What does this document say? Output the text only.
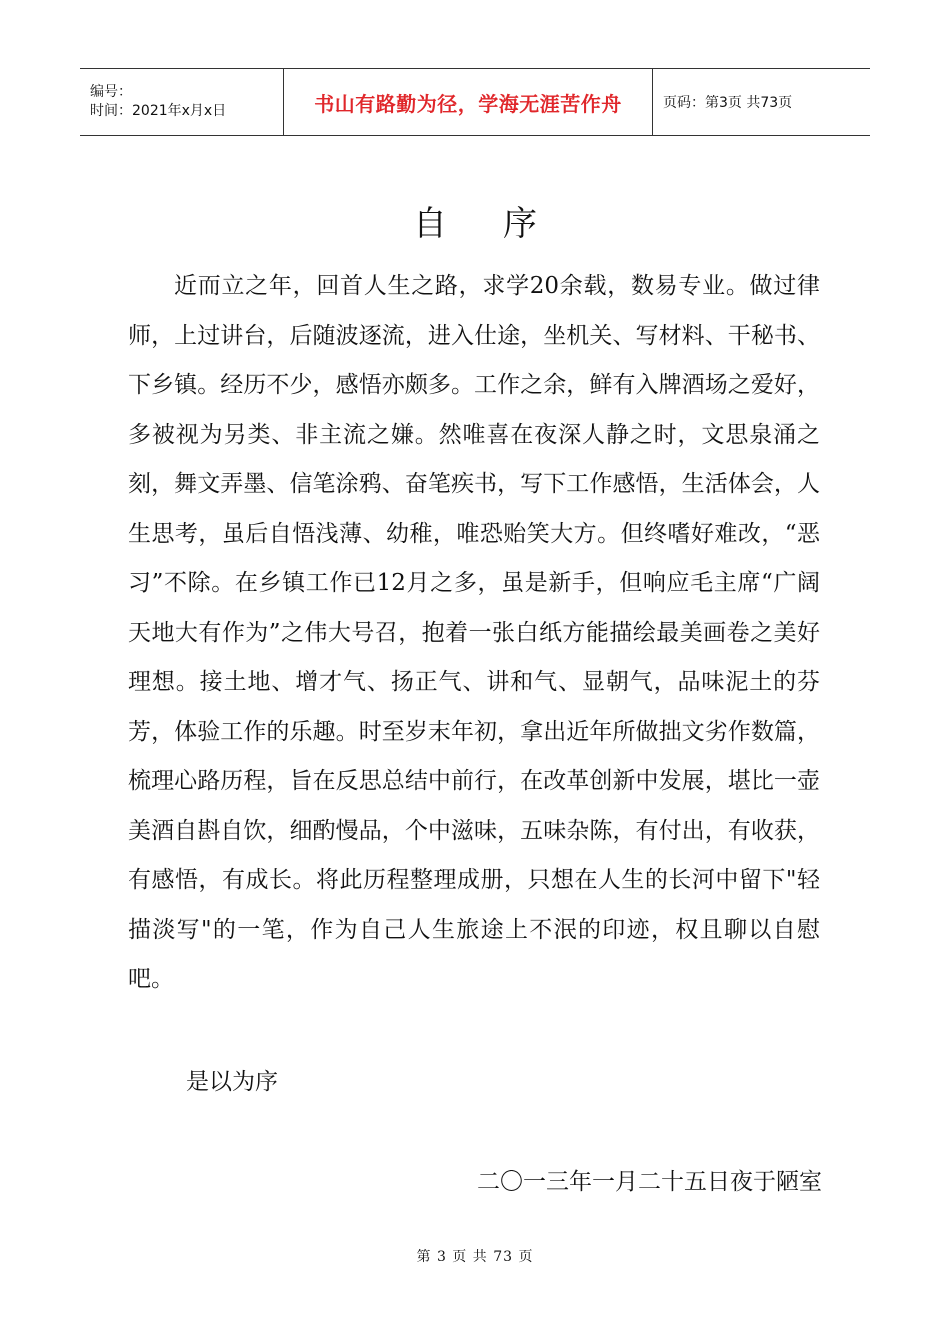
编号：
时间：2021年x月x日	书山有路勤为径，学海无涯苦作舟	页码：第3页 共73页
自序

近而立之年，回首人生之路，求学20余载，数易专业。做过律师，上过讲台，后随波逐流，进入仕途，坐机关、写材料、干秘书、下乡镇。经历不少，感悟亦颇多。工作之余，鲜有入牌酒场之爱好，多被视为另类、非主流之嫌。然唯喜在夜深人静之时，文思泉涌之刻，舞文弄墨、信笔涂鸦、奋笔疾书，写下工作感悟，生活体会，人生思考，虽后自悟浅薄、幼稚，唯恐贻笑大方。但终嗜好难改，“恶习”不除。在乡镇工作已12月之多，虽是新手，但响应毛主席“广阔天地大有作为”之伟大号召，抱着一张白纸方能描绘最美画卷之美好理想。接土地、增才气、扬正气、讲和气、显朝气，品味泥土的芬芳，体验工作的乐趣。时至岁末年初，拿出近年所做拙文劣作数篇，梳理心路历程，旨在反思总结中前行，在改革创新中发展，堪比一壶美酒自斟自饮，细酌慢品，个中滋味，五味杂陈，有付出，有收获，有感悟，有成长。将此历程整理成册，只想在人生的长河中留下"轻描淡写"的一笔，作为自己人生旅途上不泯的印迹，权且聊以自慰吧。

是以为序
二〇一三年一月二十五日夜于陋室
第 3 页 共 73 页
